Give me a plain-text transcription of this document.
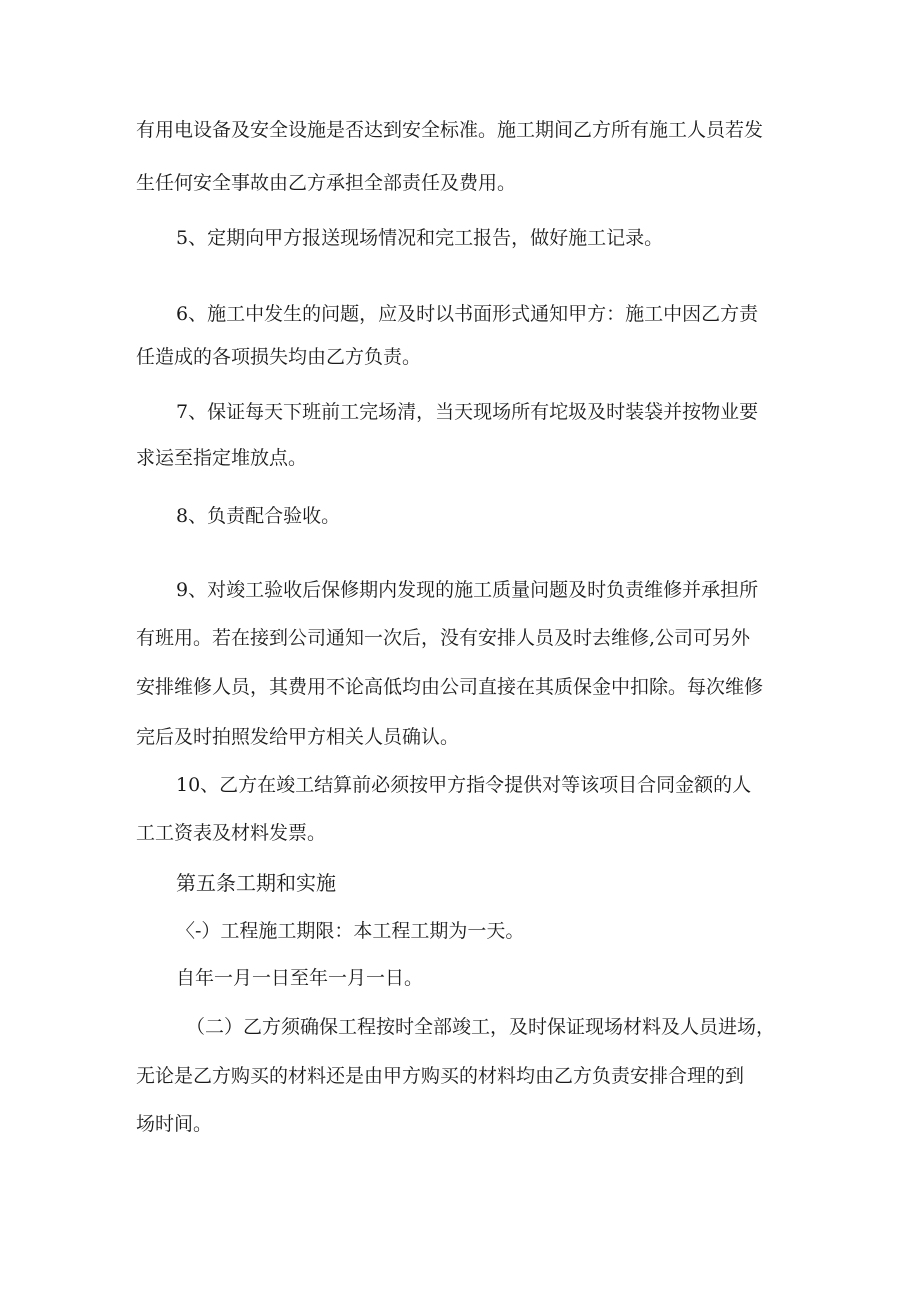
有用电设备及安全设施是否达到安全标准。施工期间乙方所有施工人员若发
生任何安全事故由乙方承担全部责任及费用。
5、定期向甲方报送现场情况和完工报告，做好施工记录。
6、施工中发生的问题，应及时以书面形式通知甲方：施工中因乙方责
任造成的各项损失均由乙方负责。
7、保证每天下班前工完场清，当天现场所有坨圾及时装袋并按物业要
求运至指定堆放点。
8、负责配合验收。
9、对竣工验收后保修期内发现的施工质量问题及时负责维修并承担所
有班用。若在接到公司通知一次后，没有安排人员及时去维修,公司可另外
安排维修人员，其费用不论高低均由公司直接在其质保金中扣除。每次维修
完后及时拍照发给甲方相关人员确认。
10、乙方在竣工结算前必须按甲方指令提供对等该项目合同金额的人
工工资表及材料发票。
第五条工期和实施
〈-）工程施工期限：本工程工期为一天。
自年一月一日至年一月一日。
（二）乙方须确保工程按时全部竣工，及时保证现场材料及人员进场，
无论是乙方购买的材料还是由甲方购买的材料均由乙方负责安排合理的到
场时间。
